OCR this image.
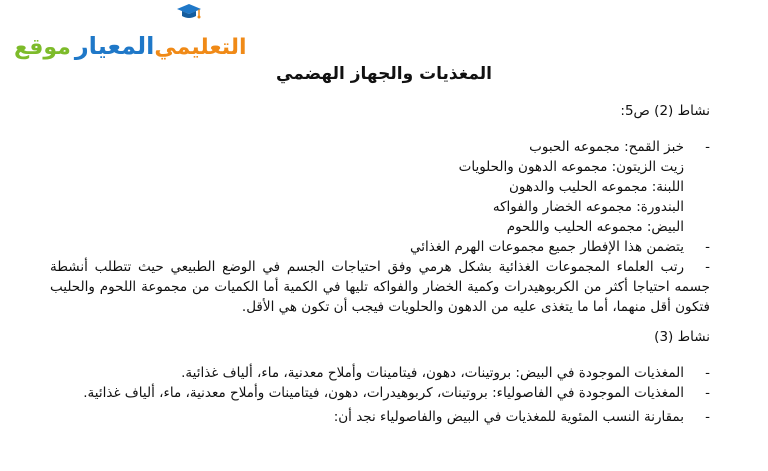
موقع المعيار التعليمي
المغذيات والجهاز الهضمي

نشاط (2) ص5:

-

خبز القمح: مجموعه الحبوب

زيت الزيتون: مجموعه الدهون والحلويات

اللبنة: مجموعه الحليب والدهون

البندورة: مجموعه الخضار والفواكه

البيض: مجموعه الحليب واللحوم

-

يتضمن هذا الإفطار جميع مجموعات الهرم الغذائي

-

رتب العلماء المجموعات الغذائية بشكل هرمي وفق احتياجات الجسم في الوضع الطبيعي حيث تتطلب أنشطة جسمه احتياجا أكثر من الكربوهيدرات وكمية الخضار والفواكه تليها في الكمية أما الكميات من مجموعة اللحوم والحليب فتكون أقل منهما، أما ما يتغذى عليه من الدهون والحلويات فيجب أن تكون هي الأقل.

نشاط (3)

-

المغذيات الموجودة في البيض: بروتينات، دهون، فيتامينات وأملاح معدنية، ماء، ألياف غذائية.

-

المغذيات الموجودة في الفاصولياء: بروتينات، كربوهيدرات، دهون، فيتامينات وأملاح معدنية، ماء، ألياف غذائية.

-

بمقارنة النسب المئوية للمغذيات في البيض والفاصولياء نجد أن:
